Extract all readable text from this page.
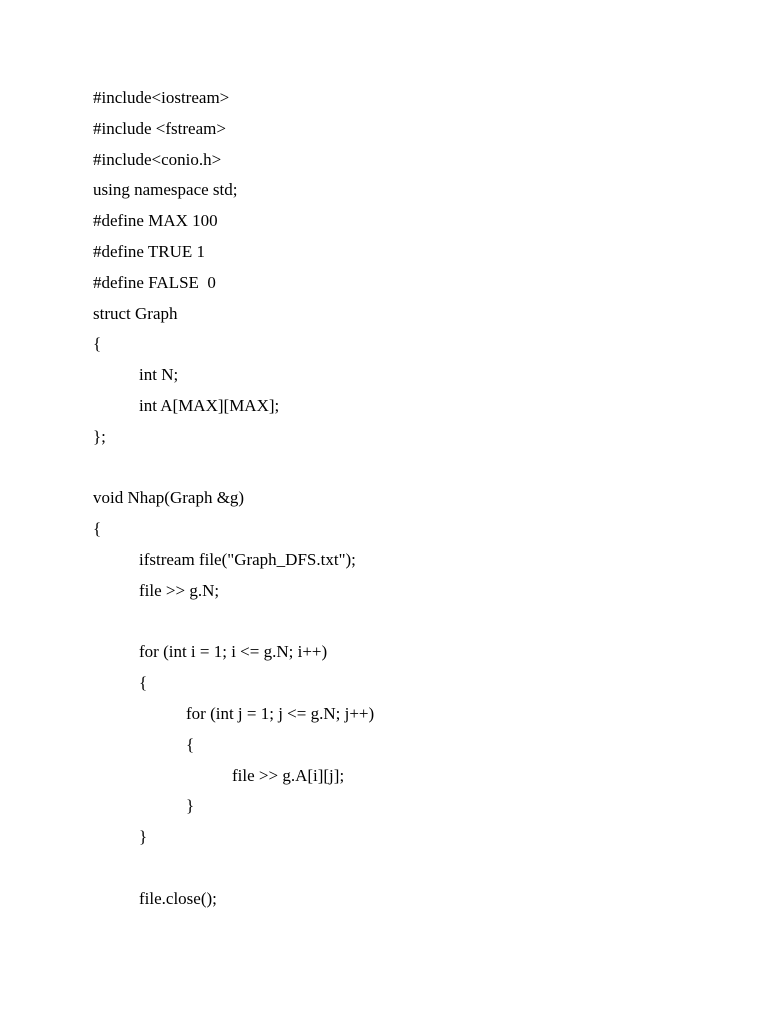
#include<iostream>
#include <fstream>
#include<conio.h>
using namespace std;
#define MAX 100
#define TRUE 1
#define FALSE  0
struct Graph
{
int N;
int A[MAX][MAX];
};
void Nhap(Graph &g)
{
ifstream file("Graph_DFS.txt");
file >> g.N;
for (int i = 1; i <= g.N; i++)
{
for (int j = 1; j <= g.N; j++)
{
file >> g.A[i][j];
}
}
file.close();
